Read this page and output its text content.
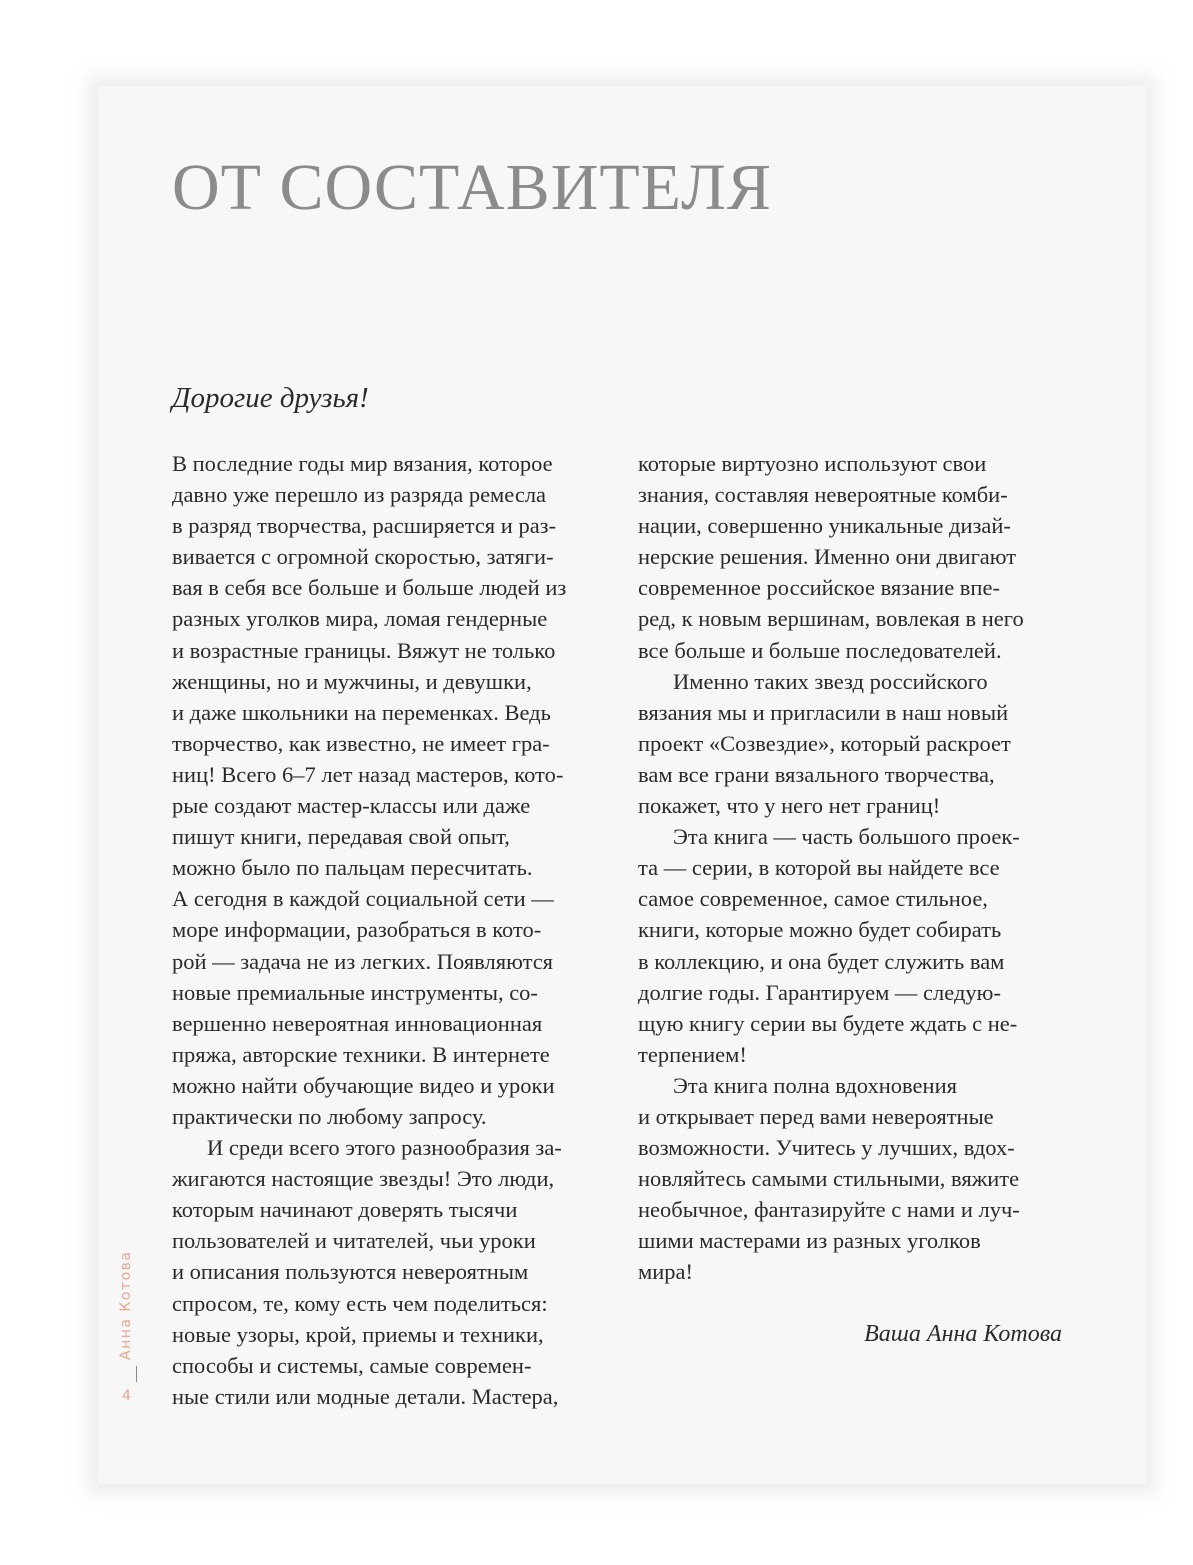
ОТ СОСТАВИТЕЛЯ
Дорогие друзья!
В последние годы мир вязания, которое
давно уже перешло из разряда ремесла
в разряд творчества, расширяется и раз-
вивается с огромной скоростью, затяги-
вая в себя все больше и больше людей из
разных уголков мира, ломая гендерные
и возрастные границы. Вяжут не только
женщины, но и мужчины, и девушки,
и даже школьники на переменках. Ведь
творчество, как известно, не имеет гра-
ниц! Всего 6–7 лет назад мастеров, кото-
рые создают мастер-классы или даже
пишут книги, передавая свой опыт,
можно было по пальцам пересчитать.
А сегодня в каждой социальной сети —
море информации, разобраться в кото-
рой — задача не из легких. Появляются
новые премиальные инструменты, со-
вершенно невероятная инновационная
пряжа, авторские техники. В интернете
можно найти обучающие видео и уроки
практически по любому запросу.
И среди всего этого разнообразия за-
жигаются настоящие звезды! Это люди,
которым начинают доверять тысячи
пользователей и читателей, чьи уроки
и описания пользуются невероятным
спросом, те, кому есть чем поделиться:
новые узоры, крой, приемы и техники,
способы и системы, самые современ-
ные стили или модные детали. Мастера,
которые виртуозно используют свои
знания, составляя невероятные комби-
нации, совершенно уникальные дизай-
нерские решения. Именно они двигают
современное российское вязание впе-
ред, к новым вершинам, вовлекая в него
все больше и больше последователей.
Именно таких звезд российского
вязания мы и пригласили в наш новый
проект «Созвездие», который раскроет
вам все грани вязального творчества,
покажет, что у него нет границ!
Эта книга — часть большого проек-
та — серии, в которой вы найдете все
самое современное, самое стильное,
книги, которые можно будет собирать
в коллекцию, и она будет служить вам
долгие годы. Гарантируем — следую-
щую книгу серии вы будете ждать с не-
терпением!
Эта книга полна вдохновения
и открывает перед вами невероятные
возможности. Учитесь у лучших, вдох-
новляйтесь самыми стильными, вяжите
необычное, фантазируйте с нами и луч-
шими мастерами из разных уголков
мира!

Ваша Анна Котова

Анна Котова
4
